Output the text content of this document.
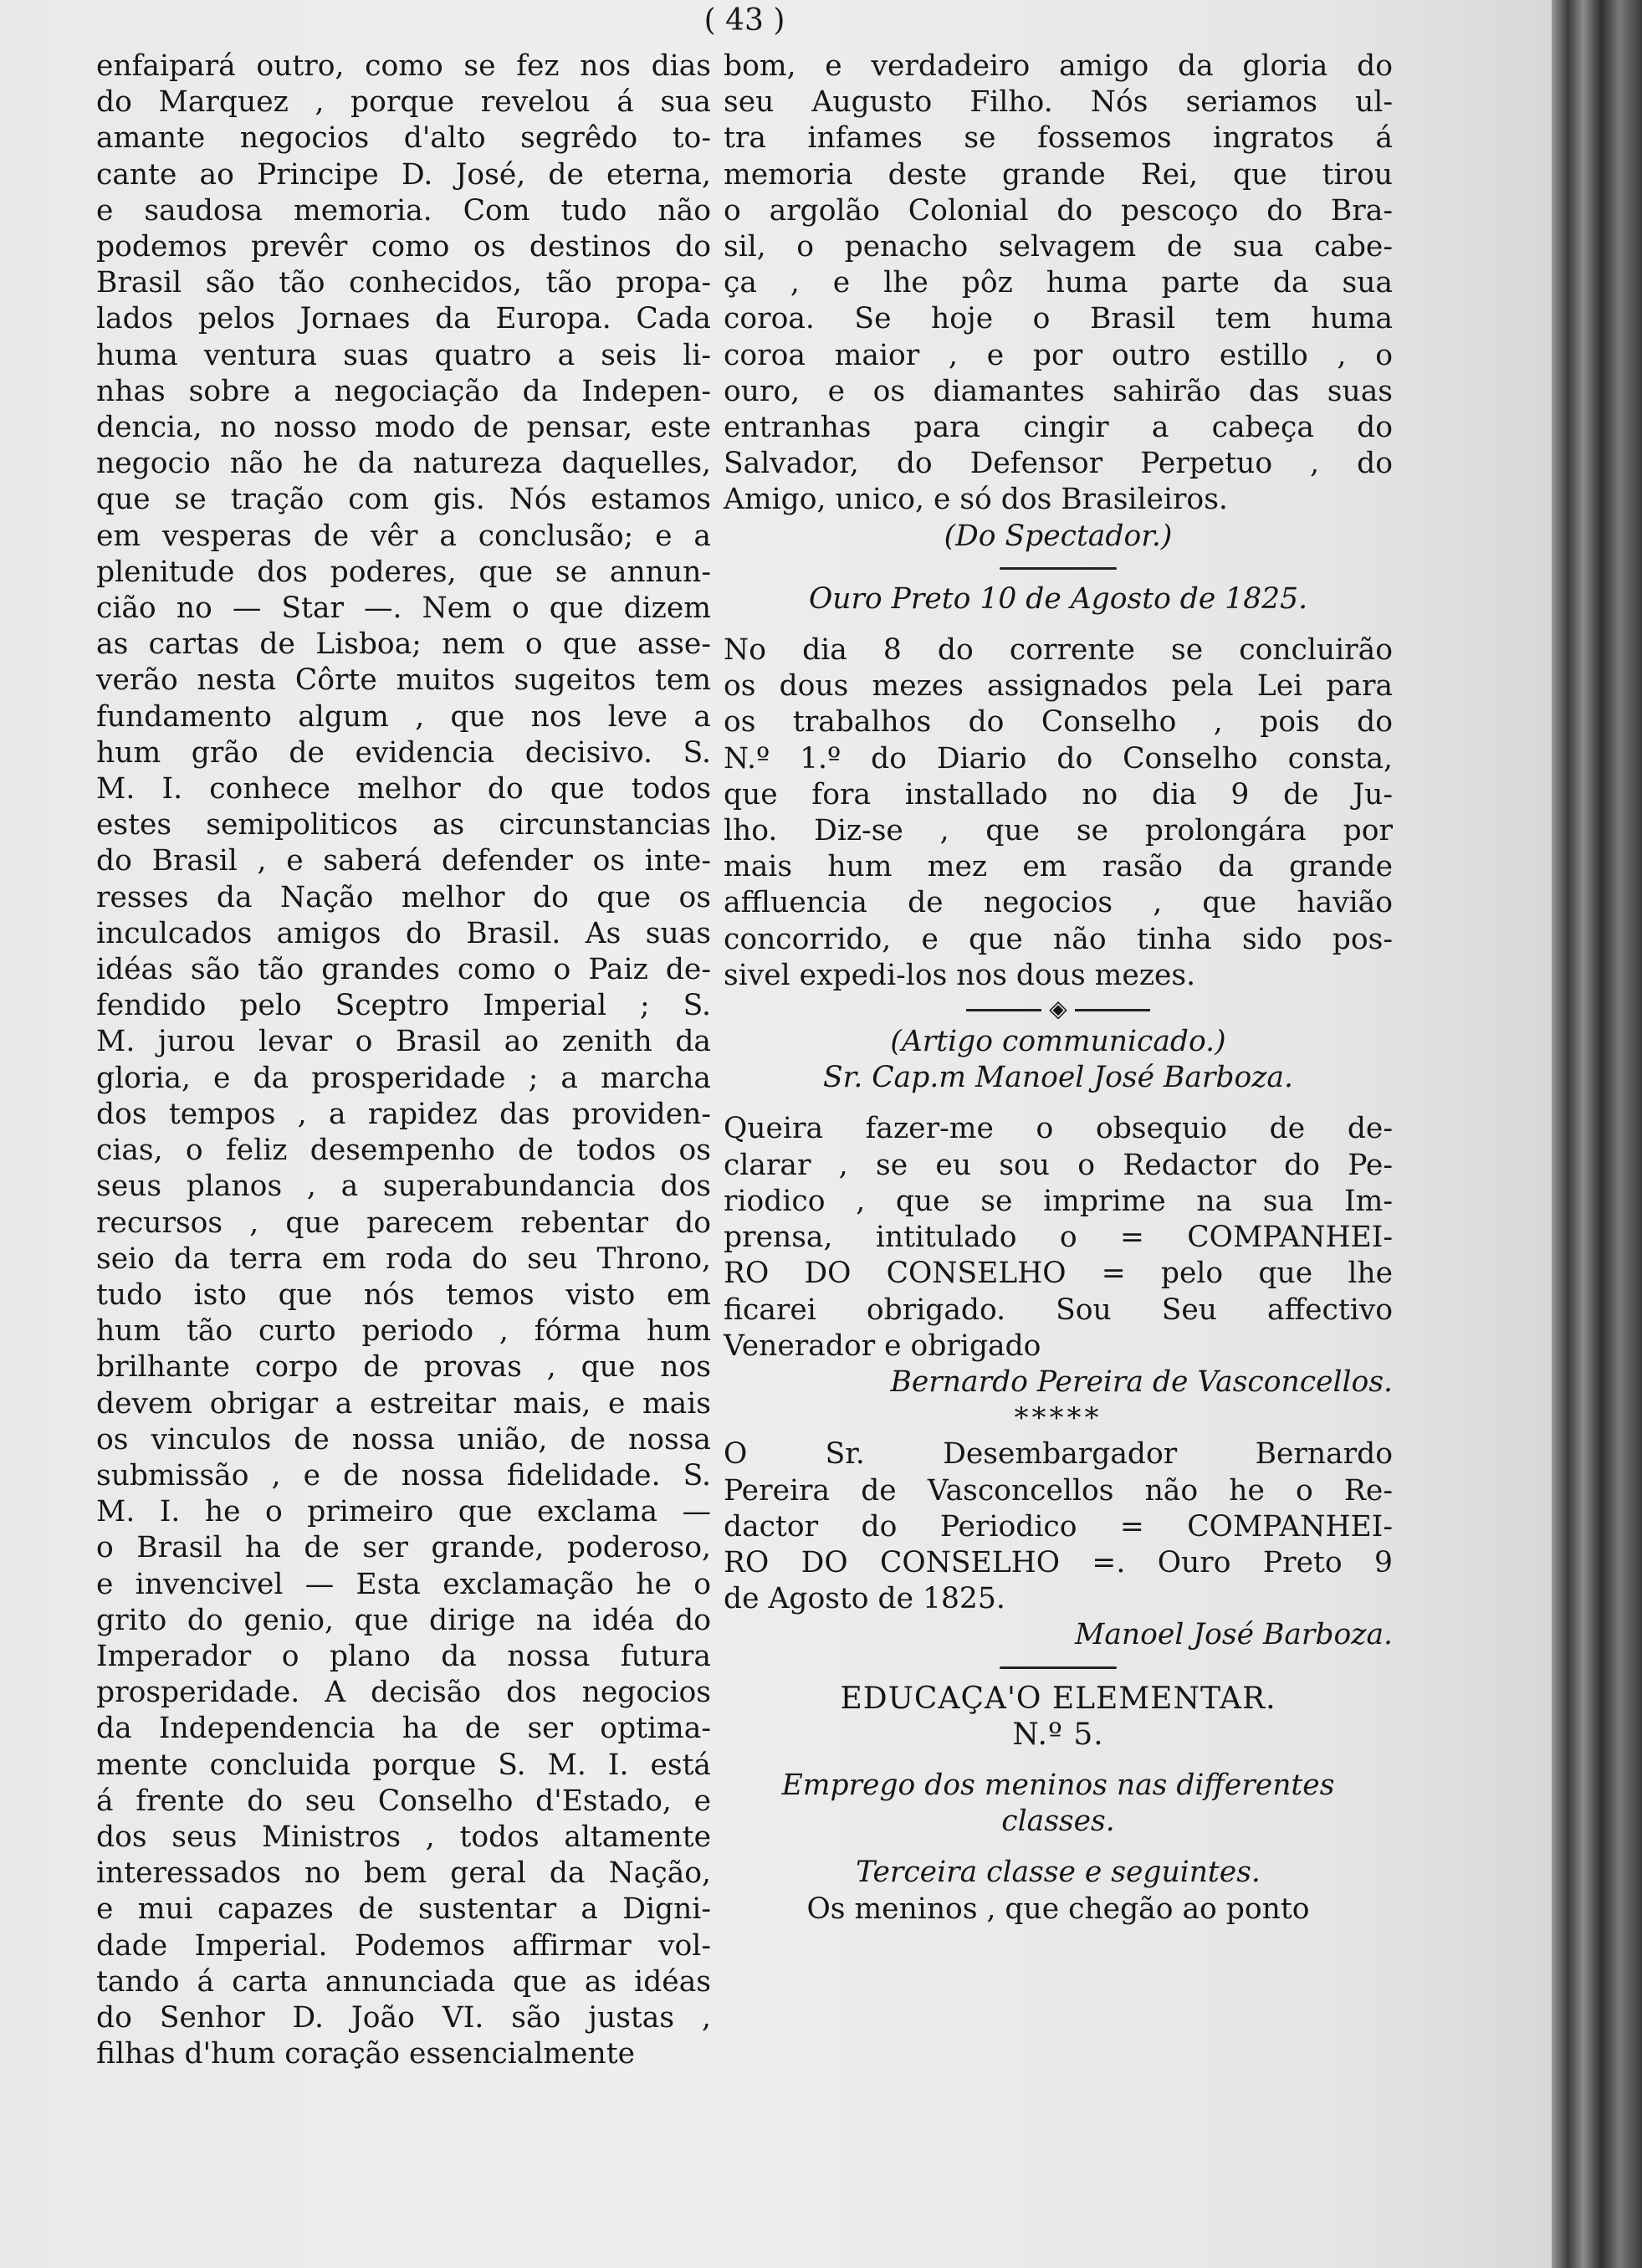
( 43 )
enfaipará outro, como se fez nos dias
do Marquez , porque revelou á sua
amante negocios d'alto segrêdo to-
cante ao Principe D. José, de eterna,
e saudosa memoria. Com tudo não
podemos prevêr como os destinos do
Brasil são tão conhecidos, tão propa-
lados pelos Jornaes da Europa. Cada
huma ventura suas quatro a seis li-
nhas sobre a negociação da Indepen-
dencia, no nosso modo de pensar, este
negocio não he da natureza daquelles,
que se tração com gis. Nós estamos
em vesperas de vêr a conclusão; e a
plenitude dos poderes, que se annun-
cião no — Star —. Nem o que dizem
as cartas de Lisboa; nem o que asse-
verão nesta Côrte muitos sugeitos tem
fundamento algum , que nos leve a
hum grão de evidencia decisivo. S.
M. I. conhece melhor do que todos
estes semipoliticos as circunstancias
do Brasil , e saberá defender os inte-
resses da Nação melhor do que os
inculcados amigos do Brasil. As suas
idéas são tão grandes como o Paiz de-
fendido pelo Sceptro Imperial ; S.
M. jurou levar o Brasil ao zenith da
gloria, e da prosperidade ; a marcha
dos tempos , a rapidez das providen-
cias, o feliz desempenho de todos os
seus planos , a superabundancia dos
recursos , que parecem rebentar do
seio da terra em roda do seu Throno,
tudo isto que nós temos visto em
hum tão curto periodo , fórma hum
brilhante corpo de provas , que nos
devem obrigar a estreitar mais, e mais
os vinculos de nossa união, de nossa
submissão , e de nossa fidelidade. S.
M. I. he o primeiro que exclama —
o Brasil ha de ser grande, poderoso,
e invencivel — Esta exclamação he o
grito do genio, que dirige na idéa do
Imperador o plano da nossa futura
prosperidade. A decisão dos negocios
da Independencia ha de ser optima-
mente concluida porque S. M. I. está
á frente do seu Conselho d'Estado, e
dos seus Ministros , todos altamente
interessados no bem geral da Nação,
e mui capazes de sustentar a Digni-
dade Imperial. Podemos affirmar vol-
tando á carta annunciada que as idéas
do Senhor D. João VI. são justas ,
filhas d'hum coração essencialmente
bom, e verdadeiro amigo da gloria do
seu Augusto Filho. Nós seriamos ul-
tra infames se fossemos ingratos á
memoria deste grande Rei, que tirou
o argolão Colonial do pescoço do Bra-
sil, o penacho selvagem de sua cabe-
ça , e lhe pôz huma parte da sua
coroa. Se hoje o Brasil tem huma
coroa maior , e por outro estillo , o
ouro, e os diamantes sahirão das suas
entranhas para cingir a cabeça do
Salvador, do Defensor Perpetuo , do
Amigo, unico, e só dos Brasileiros.
(Do Spectador.)
Ouro Preto 10 de Agosto de 1825.
No dia 8 do corrente se concluirão
os dous mezes assignados pela Lei para
os trabalhos do Conselho , pois do
N.º 1.º do Diario do Conselho consta,
que fora installado no dia 9 de Ju-
lho. Diz-se , que se prolongára por
mais hum mez em rasão da grande
affluencia de negocios , que havião
concorrido, e que não tinha sido pos-
sivel expedi-los nos dous mezes.
◈
(Artigo communicado.)
Sr. Cap.m Manoel José Barboza.
Queira fazer-me o obsequio de de-
clarar , se eu sou o Redactor do Pe-
riodico , que se imprime na sua Im-
prensa, intitulado o = COMPANHEI-
RO DO CONSELHO = pelo que lhe
ficarei obrigado. Sou Seu affectivo
Venerador e obrigado
Bernardo Pereira de Vasconcellos.
*****
O Sr. Desembargador Bernardo
Pereira de Vasconcellos não he o Re-
dactor do Periodico = COMPANHEI-
RO DO CONSELHO =. Ouro Preto 9
de Agosto de 1825.
Manoel José Barboza.
EDUCAÇA'O ELEMENTAR.
N.º 5.
Emprego dos meninos nas differentes
classes.
Terceira classe e seguintes.
Os meninos , que chegão ao ponto
